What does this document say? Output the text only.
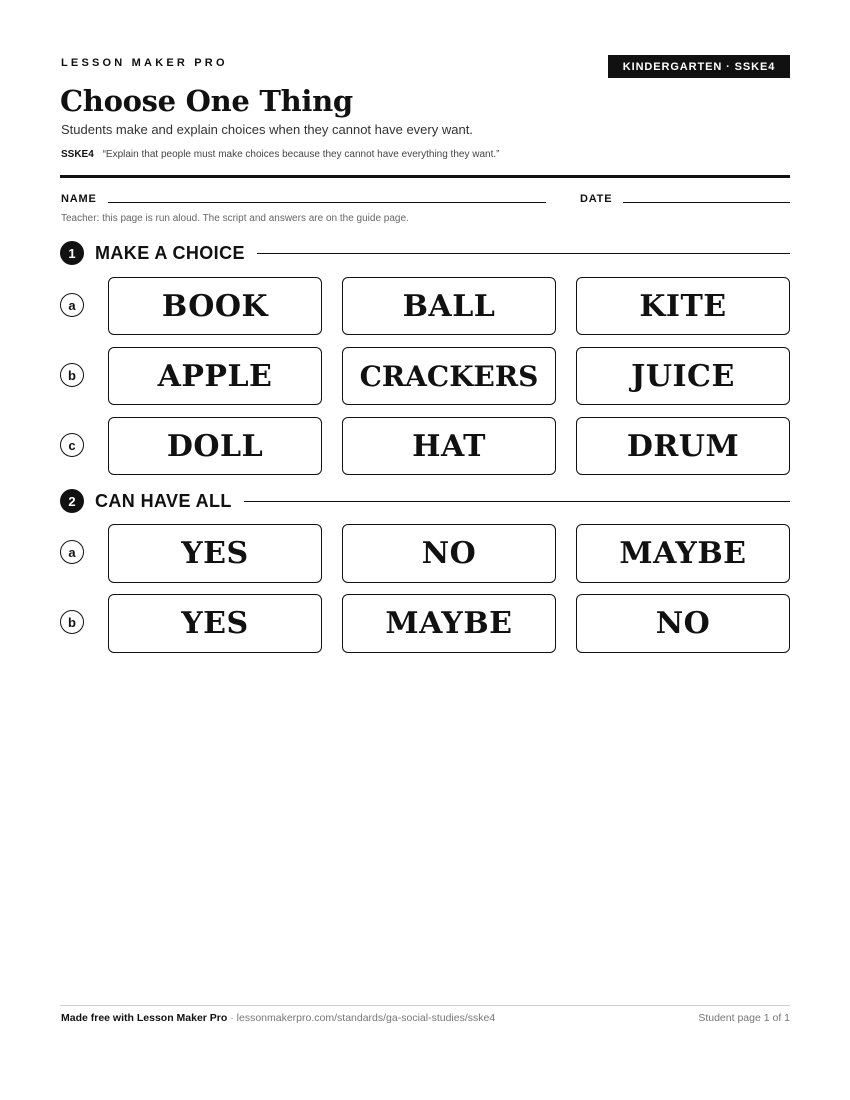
LESSON MAKER PRO	KINDERGARTEN · SSKE4
Choose One Thing
Students make and explain choices when they cannot have every want.
SSKE4 “Explain that people must make choices because they cannot have everything they want.”
NAME	DATE
Teacher: this page is run aloud. The script and answers are on the guide page.
1	MAKE A CHOICE
a	BOOK	BALL	KITE
b	APPLE	CRACKERS	JUICE
c	DOLL	HAT	DRUM
2	CAN HAVE ALL
a	YES	NO	MAYBE
b	YES	MAYBE	NO
Made free with Lesson Maker Pro · lessonmakerpro.com/standards/ga-social-studies/sske4	Student page 1 of 1
